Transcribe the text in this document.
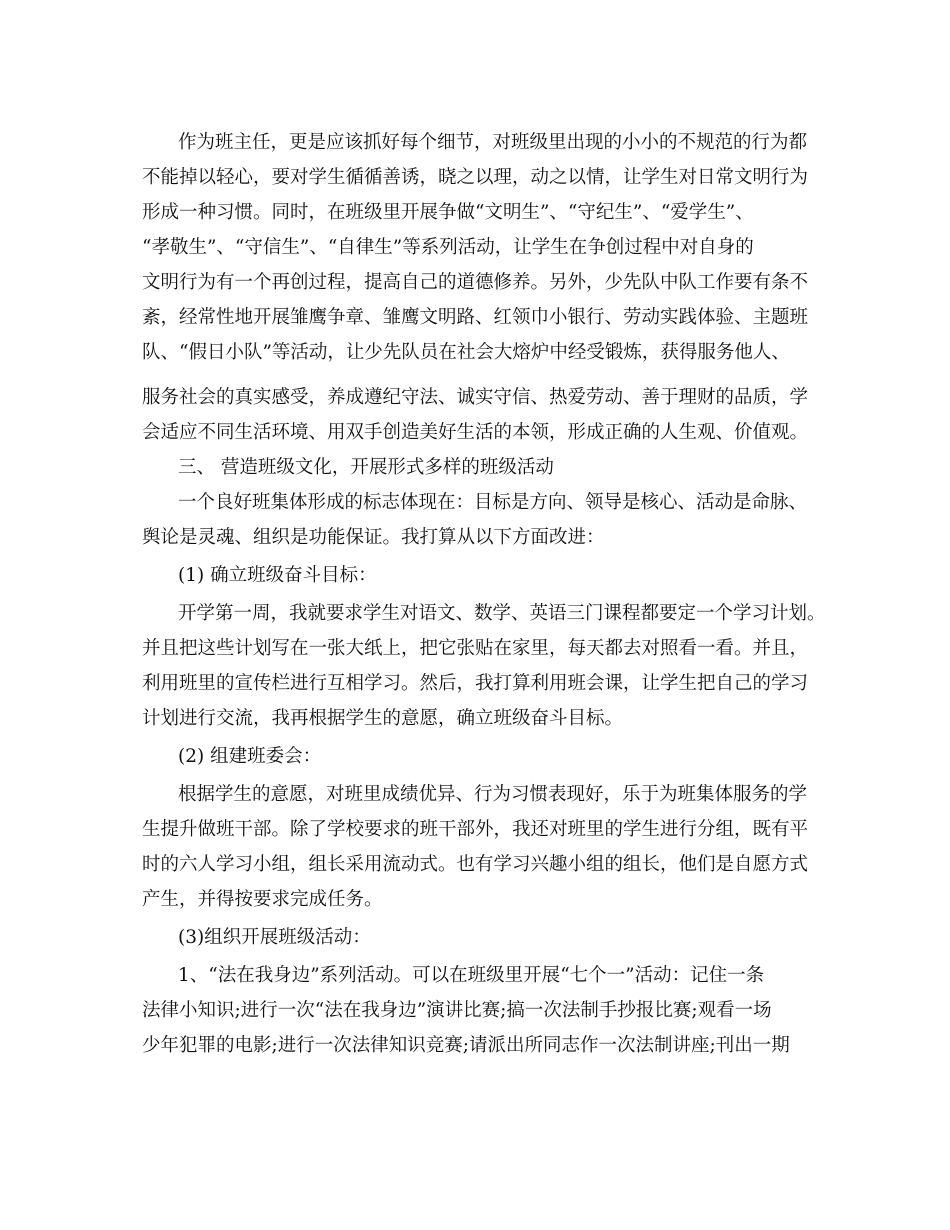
作为班主任，更是应该抓好每个细节，对班级里出现的小小的不规范的行为都
不能掉以轻心，要对学生循循善诱，晓之以理，动之以情，让学生对日常文明行为
形成一种习惯。同时，在班级里开展争做“文明生”、“守纪生”、“爱学生”、
“孝敬生”、“守信生”、“自律生”等系列活动，让学生在争创过程中对自身的
文明行为有一个再创过程，提高自己的道德修养。另外，少先队中队工作要有条不
紊，经常性地开展雏鹰争章、雏鹰文明路、红领巾小银行、劳动实践体验、主题班
队、“假日小队”等活动，让少先队员在社会大熔炉中经受锻炼，获得服务他人、
服务社会的真实感受，养成遵纪守法、诚实守信、热爱劳动、善于理财的品质，学
会适应不同生活环境、用双手创造美好生活的本领，形成正确的人生观、价值观。
三、 营造班级文化，开展形式多样的班级活动
一个良好班集体形成的标志体现在：目标是方向、领导是核心、活动是命脉、
舆论是灵魂、组织是功能保证。我打算从以下方面改进：
(1) 确立班级奋斗目标：
开学第一周，我就要求学生对语文、数学、英语三门课程都要定一个学习计划。
并且把这些计划写在一张大纸上，把它张贴在家里，每天都去对照看一看。并且，
利用班里的宣传栏进行互相学习。然后，我打算利用班会课，让学生把自己的学习
计划进行交流，我再根据学生的意愿，确立班级奋斗目标。
(2) 组建班委会：
根据学生的意愿，对班里成绩优异、行为习惯表现好，乐于为班集体服务的学
生提升做班干部。除了学校要求的班干部外，我还对班里的学生进行分组，既有平
时的六人学习小组，组长采用流动式。也有学习兴趣小组的组长，他们是自愿方式
产生，并得按要求完成任务。
(3)组织开展班级活动：
1、“法在我身边”系列活动。可以在班级里开展“七个一”活动：记住一条
法律小知识;进行一次“法在我身边”演讲比赛;搞一次法制手抄报比赛;观看一场
少年犯罪的电影;进行一次法律知识竞赛;请派出所同志作一次法制讲座;刊出一期
